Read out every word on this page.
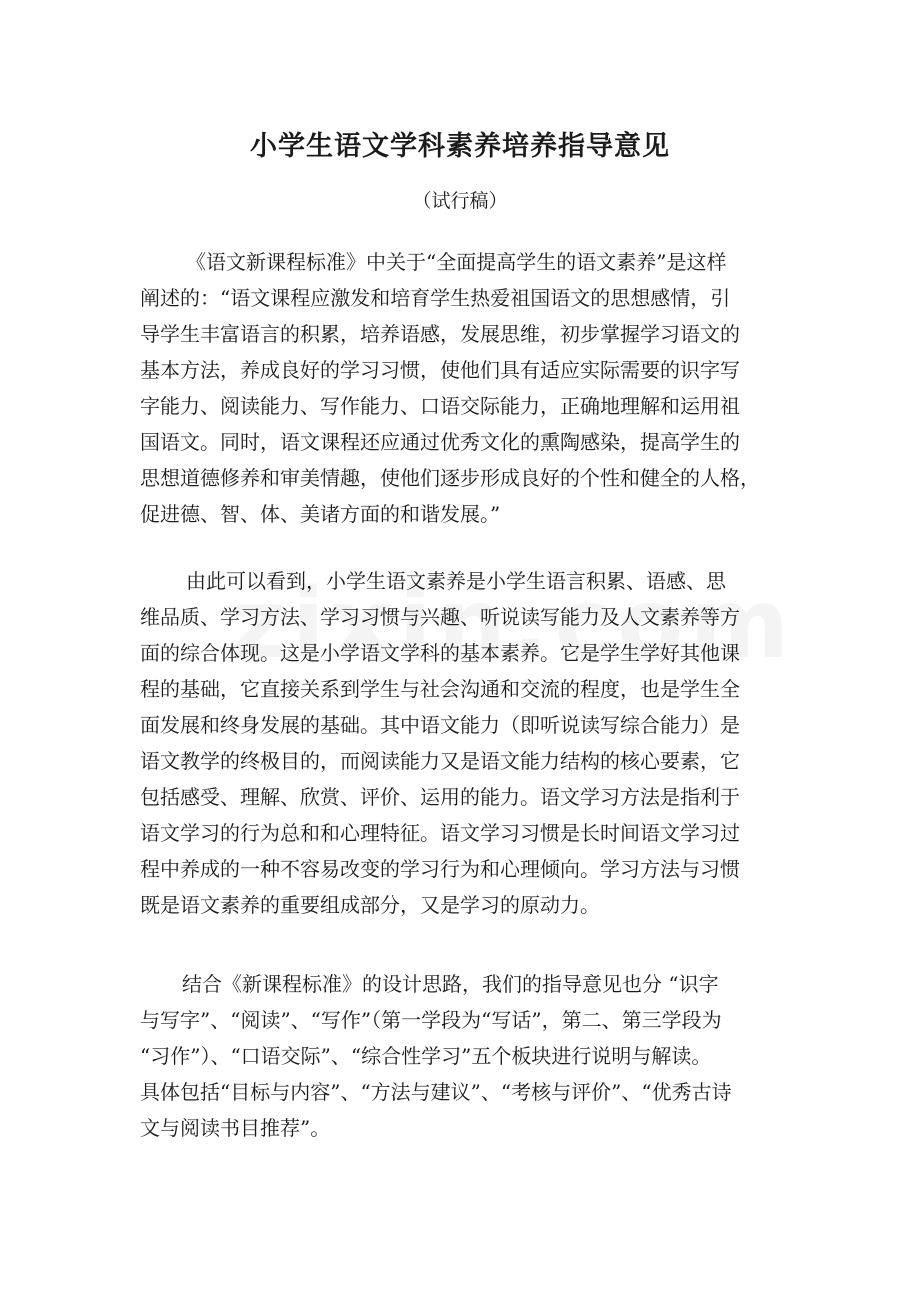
小学生语文学科素养培养指导意见
（试行稿）
《语文新课程标准》中关于“全面提高学生的语文素养”是这样
阐述的：“语文课程应激发和培育学生热爱祖国语文的思想感情，引
导学生丰富语言的积累，培养语感，发展思维，初步掌握学习语文的
基本方法，养成良好的学习习惯，使他们具有适应实际需要的识字写
字能力、阅读能力、写作能力、口语交际能力，正确地理解和运用祖
国语文。同时，语文课程还应通过优秀文化的熏陶感染，提高学生的
思想道德修养和审美情趣，使他们逐步形成良好的个性和健全的人格，
促进德、智、体、美诸方面的和谐发展。”
由此可以看到，小学生语文素养是小学生语言积累、语感、思
维品质、学习方法、学习习惯与兴趣、听说读写能力及人文素养等方
面的综合体现。这是小学语文学科的基本素养。它是学生学好其他课
程的基础，它直接关系到学生与社会沟通和交流的程度，也是学生全
面发展和终身发展的基础。其中语文能力（即听说读写综合能力）是
语文教学的终极目的，而阅读能力又是语文能力结构的核心要素，它
包括感受、理解、欣赏、评价、运用的能力。语文学习方法是指利于
语文学习的行为总和和心理特征。语文学习习惯是长时间语文学习过
程中养成的一种不容易改变的学习行为和心理倾向。学习方法与习惯
既是语文素养的重要组成部分，又是学习的原动力。
结合《新课程标准》的设计思路，我们的指导意见也分 “识字
与写字”、“阅读”、“写作”（第一学段为“写话”，第二、第三学段为
“习作”）、“口语交际”、“综合性学习”五个板块进行说明与解读。
具体包括“目标与内容”、“方法与建议”、“考核与评价”、“优秀古诗
文与阅读书目推荐”。
